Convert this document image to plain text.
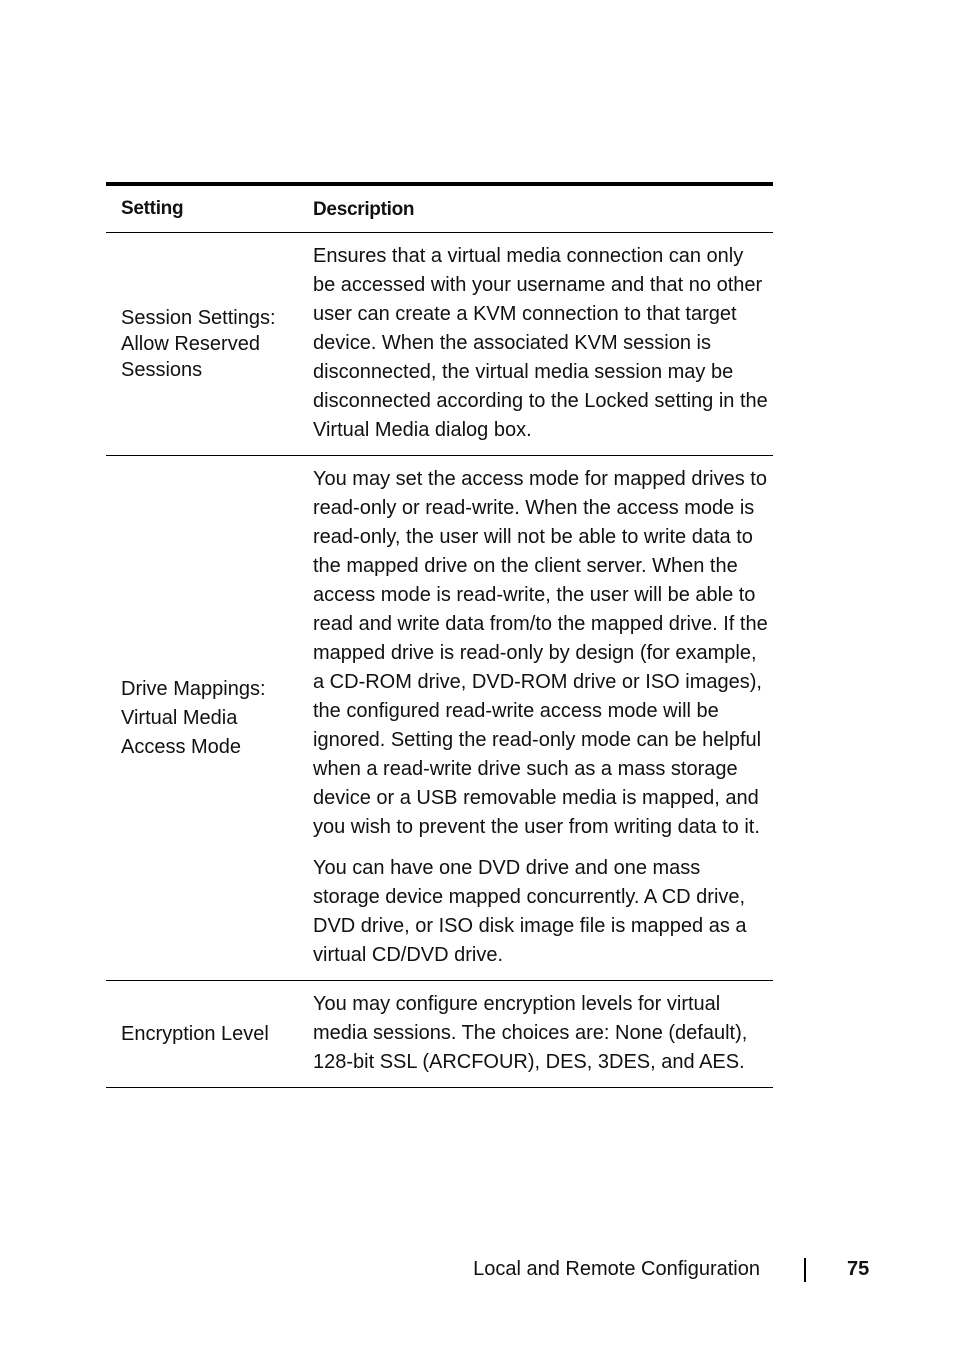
Setting	Description
Session Settings: Allow Reserved Sessions

Ensures that a virtual media connection can only be accessed with your username and that no other user can create a KVM connection to that target device. When the associated KVM session is disconnected, the virtual media session may be disconnected according to the Locked setting in the Virtual Media dialog box.

Drive Mappings: Virtual Media Access Mode

You may set the access mode for mapped drives to read-only or read-write. When the access mode is read-only, the user will not be able to write data to the mapped drive on the client server. When the access mode is read-write, the user will be able to read and write data from/to the mapped drive. If the mapped drive is read-only by design (for example, a CD-ROM drive, DVD-ROM drive or ISO images), the configured read-write access mode will be ignored. Setting the read-only mode can be helpful when a read-write drive such as a mass storage device or a USB removable media is mapped, and you wish to prevent the user from writing data to it.

You can have one DVD drive and one mass storage device mapped concurrently. A CD drive, DVD drive, or ISO disk image file is mapped as a virtual CD/DVD drive.

Encryption Level

You may configure encryption levels for virtual media sessions. The choices are: None (default), 128-bit SSL (ARCFOUR), DES, 3DES, and AES.

Local and Remote Configuration	75
